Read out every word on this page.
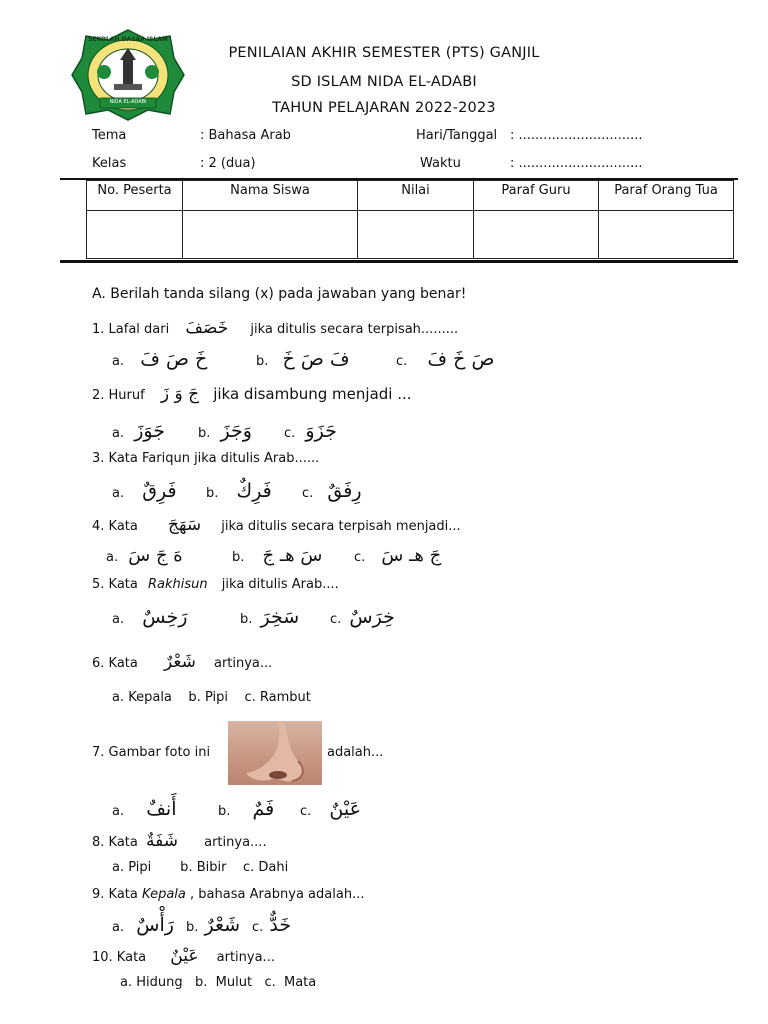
NIDA EL-ADABI
SEKOLAH DASAR ISLAM
PENILAIAN AKHIR SEMESTER (PTS) GANJIL
SD ISLAM NIDA EL-ADABI
TAHUN PELAJARAN 2022-2023
Tema	: Bahasa Arab	Hari/Tanggal : ..............................
Kelas	: 2 (dua)	Waktu	: ..............................
No. Peserta	Nama Siswa	Nilai	Paraf Guru	Paraf Orang Tua

A. Berilah tanda silang (x) pada jawaban yang benar!
1. Lafal dari خَصَفَ jika ditulis secara terpisah.........
a. خَ صَ فَ	b. فَ صَ خَ	c. صَ خَ فَ
2. Huruf جَ وَ زَ jika disambung menjadi ...
a. جَوَزَ	b. وَجَزَ c. جَزَوَ
3. Kata Fariqun jika ditulis Arab......
a. فَرِقٌ b. فَرِكٌ c. رِفَقٌ
4. Kata سَهَجَ jika ditulis secara terpisah menjadi...
a. هَ جَ سَ	b. سَ هـ جَ c. جَ هـ سَ
5. Kata Rakhisun jika ditulis Arab....
a. رَخِسٌ	b. سَخِرَ c. خِرَسٌ
6. Kata شَعْرٌ artinya...
a. Kepala    b. Pipi    c. Rambut
7. Gambar foto ini	adalah...
a. أَنفٌ	b. فَمٌ c. عَيْنٌ
8. Kata شَفَةٌ artinya....
a. Pipi       b. Bibir    c. Dahi
9. Kata Kepala , bahasa Arabnya adalah...
a. رَأْسٌ b. شَعْرٌ c. خَدٌّ
10. Kata عَيْنٌ artinya...
a. Hidung   b.  Mulut   c.  Mata
